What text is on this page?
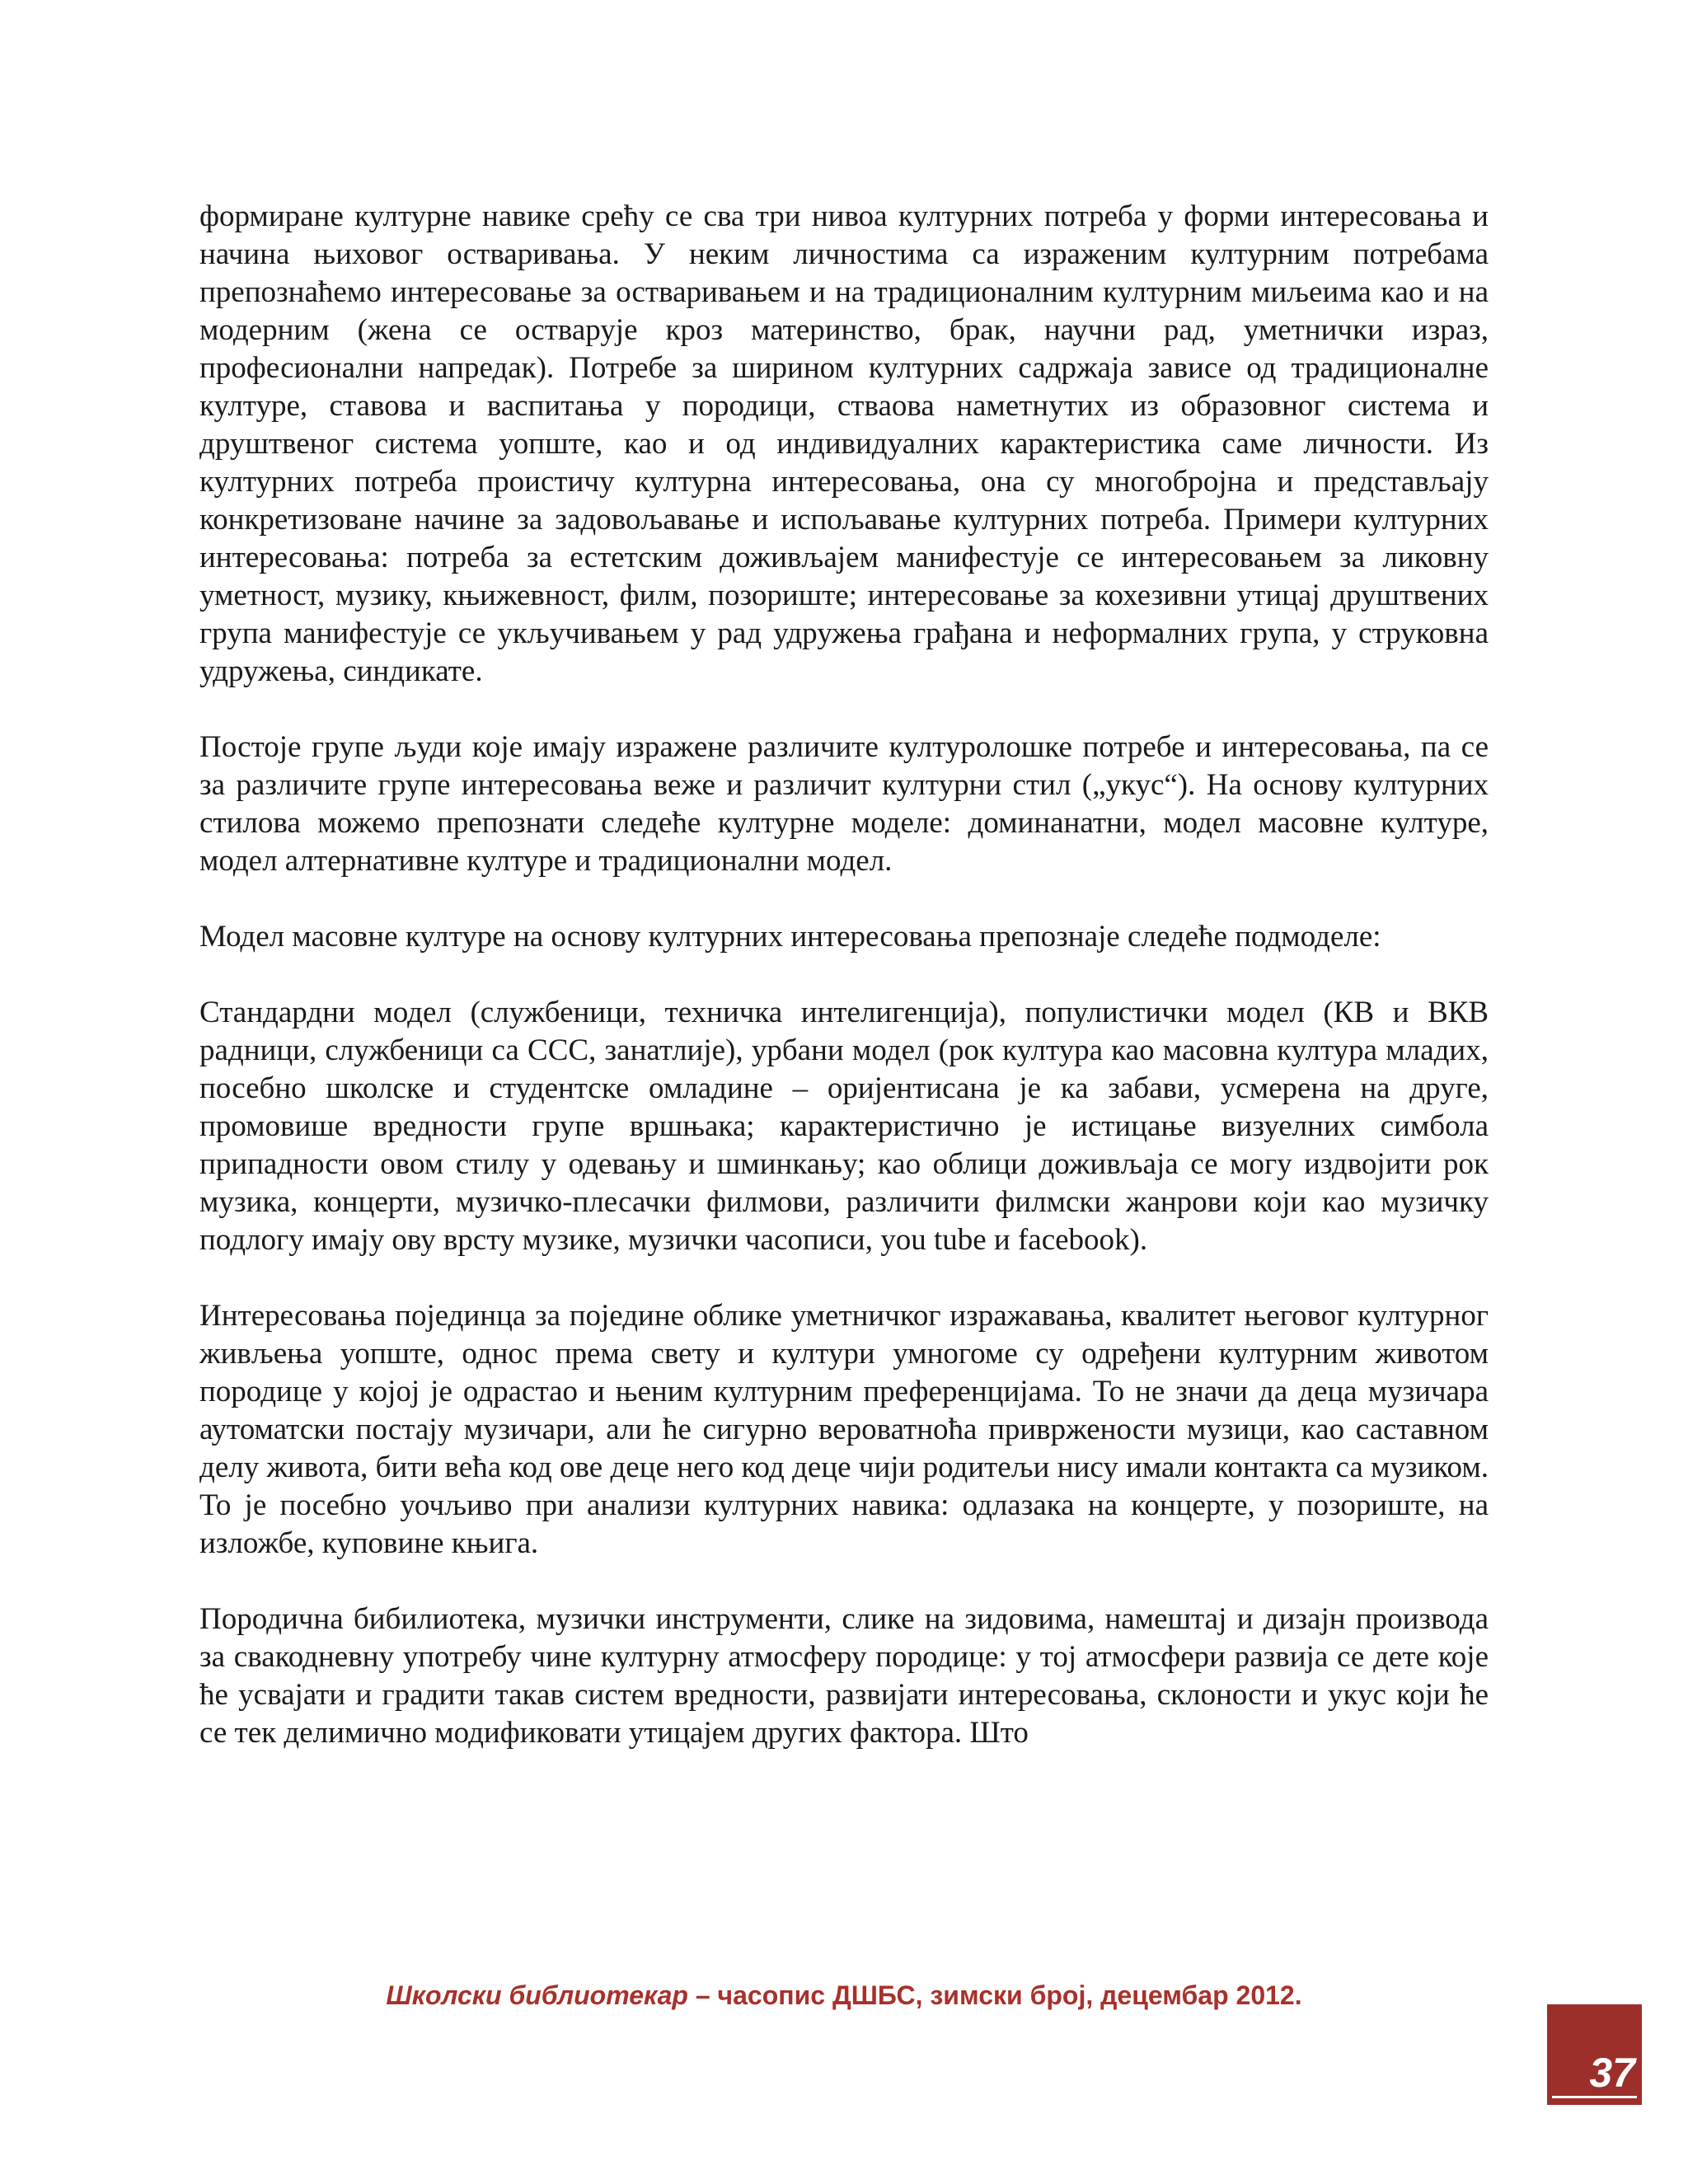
формиране културне навике срећу се сва три нивоа културних потреба у форми интересовања и начина њиховог остваривања. У неким личностима са израженим културним потребама препознаћемо интересовање за остваривањем и на традиционалним културним миљеима као и на модерним (жена се остварује кроз материнство, брак, научни рад, уметнички израз, професионални напредак). Потребе за ширином културних садржаја зависе од традиционалне културе, ставова и васпитања у породици, стваова наметнутих из образовног система и друштвеног система уопште, као и од индивидуалних карактеристика саме личности. Из културних потреба проистичу културна интересовања, она су многобројна и представљају конкретизоване начине за задовољавање и испољавање културних потреба. Примери културних интересовања: потреба за естетским доживљајем манифестује се интересовањем за ликовну уметност, музику, књижевност, филм, позориште; интересовање за кохезивни утицај друштвених група манифестује се укључивањем у рад удружења грађана и неформалних група, у струковна удружења, синдикате.

Постоје групе људи које имају изражене различите културолошке потребе и интересовања, па се за различите групе интересовања веже и различит културни стил („укус“). На основу културних стилова можемо препознати следеће културне моделе: доминанатни, модел масовне културе, модел алтернативне културе и традиционални модел.

Модел масовне културе на основу културних интересовања препознаје следеће подмоделе:

Стандардни модел (службеници, техничка интелигенција), популистички модел (КВ и ВКВ радници, службеници са ССС, занатлије), урбани модел (рок култура као масовна култура младих, посебно школске и студентске омладине – оријентисана је ка забави, усмерена на друге, промовише вредности групе вршњака; карактеристично је истицање визуелних симбола припадности овом стилу у одевању и шминкању; као облици доживљаја се могу издвојити рок музика, концерти, музичко-плесачки филмови, различити филмски жанрови који као музичку подлогу имају ову врсту музике, музички часописи, you tube и facebook).

Интересовања појединца за појединe облике уметничког изражавања, квалитет његовог културног живљења уопште, однос према свету и култури умногоме су одређени културним животом породице у којој је одрастао и њеним културним преференцијама. То не значи да деца музичара аутоматски постају музичари, али ће сигурно вероватноћа привржености музици, као саставном делу живота, бити већа код ове деце него код деце чији родитељи нису имали контакта са музиком. То је посебно уочљиво при анализи културних навика: одлазака на концерте, у позориште, на изложбе, куповине књига.

Породична бибилиотека, музички инструменти, слике на зидовима, намештај и дизајн производа за свакодневну употребу чине културну атмосферу породице: у тој атмосфери развија се дете које ће усвајати и градити такав систем вредности, развијати интересовања, склоности и укус који ће се тек делимично модификовати утицајем других фактора. Што

Школски библиотекар – часопис ДШБС, зимски број, децембар 2012.
37
